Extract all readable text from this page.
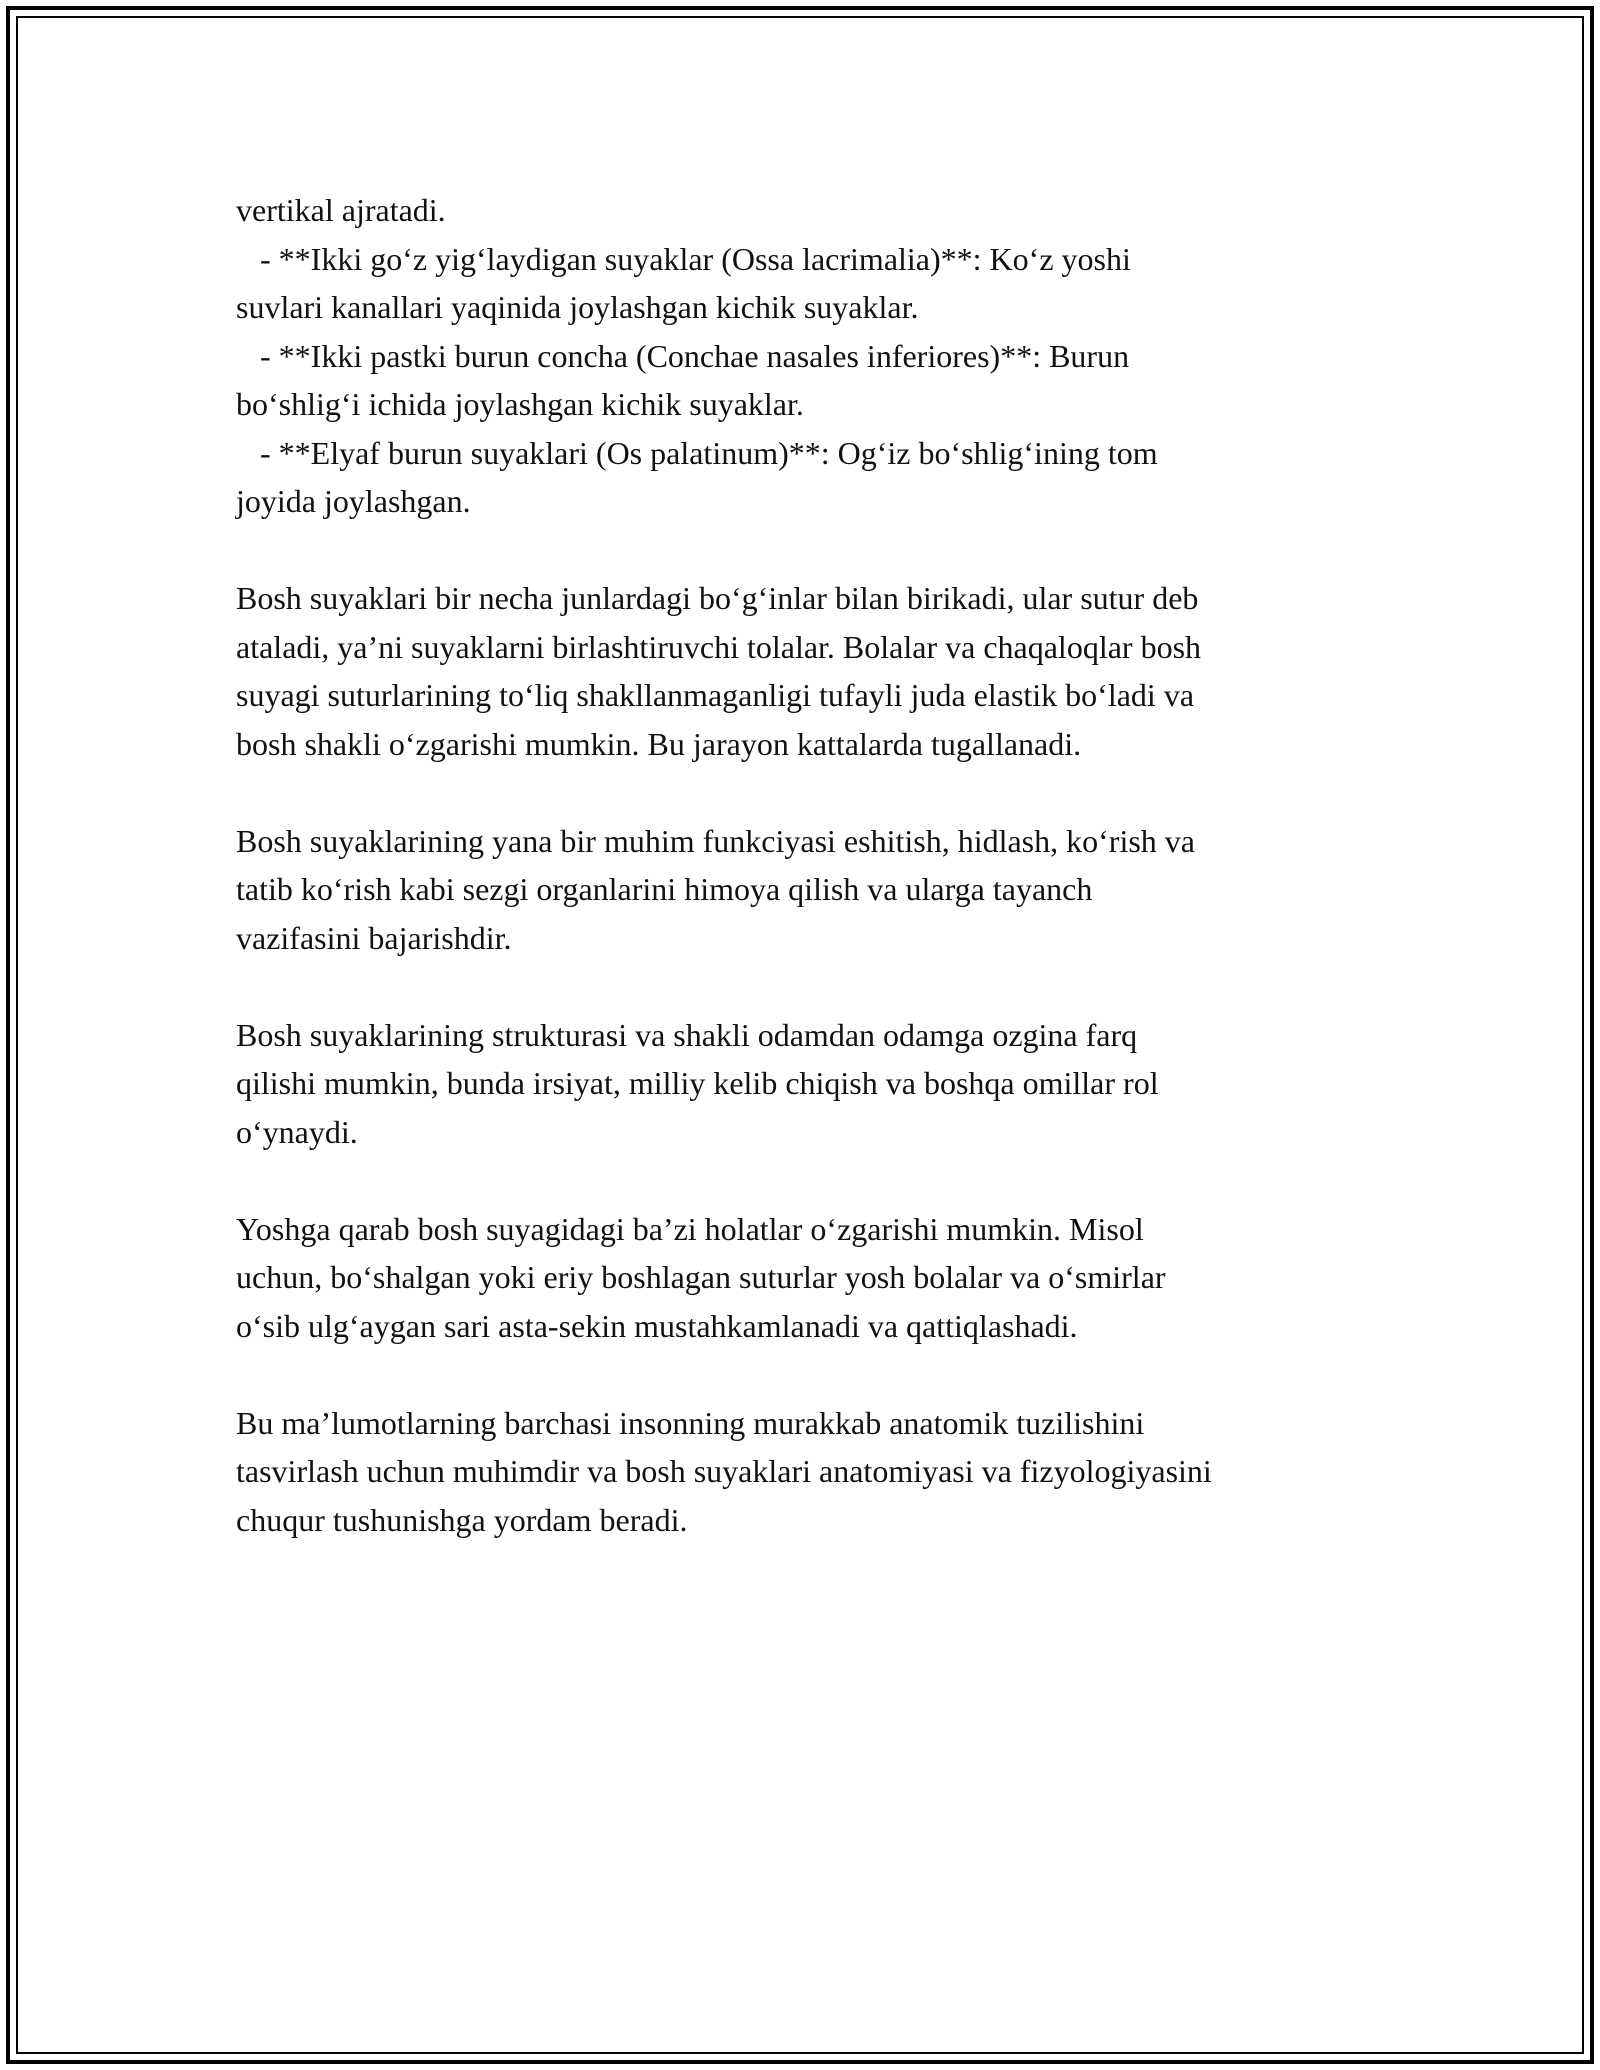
vertikal ajratadi.
- **Ikki go‘z yig‘laydigan suyaklar (Ossa lacrimalia)**: Ko‘z yoshi
suvlari kanallari yaqinida joylashgan kichik suyaklar.
- **Ikki pastki burun concha (Conchae nasales inferiores)**: Burun
bo‘shlig‘i ichida joylashgan kichik suyaklar.
- **Elyaf burun suyaklari (Os palatinum)**: Og‘iz bo‘shlig‘ining tom
joyida joylashgan.

Bosh suyaklari bir necha junlardagi bo‘g‘inlar bilan birikadi, ular sutur deb
ataladi, ya’ni suyaklarni birlashtiruvchi tolalar. Bolalar va chaqaloqlar bosh
suyagi suturlarining to‘liq shakllanmaganligi tufayli juda elastik bo‘ladi va
bosh shakli o‘zgarishi mumkin. Bu jarayon kattalarda tugallanadi.

Bosh suyaklarining yana bir muhim funkciyasi eshitish, hidlash, ko‘rish va
tatib ko‘rish kabi sezgi organlarini himoya qilish va ularga tayanch
vazifasini bajarishdir.

Bosh suyaklarining strukturasi va shakli odamdan odamga ozgina farq
qilishi mumkin, bunda irsiyat, milliy kelib chiqish va boshqa omillar rol
o‘ynaydi.

Yoshga qarab bosh suyagidagi ba’zi holatlar o‘zgarishi mumkin. Misol
uchun, bo‘shalgan yoki eriy boshlagan suturlar yosh bolalar va o‘smirlar
o‘sib ulg‘aygan sari asta-sekin mustahkamlanadi va qattiqlashadi.

Bu ma’lumotlarning barchasi insonning murakkab anatomik tuzilishini
tasvirlash uchun muhimdir va bosh suyaklari anatomiyasi va fizyologiyasini
chuqur tushunishga yordam beradi.
